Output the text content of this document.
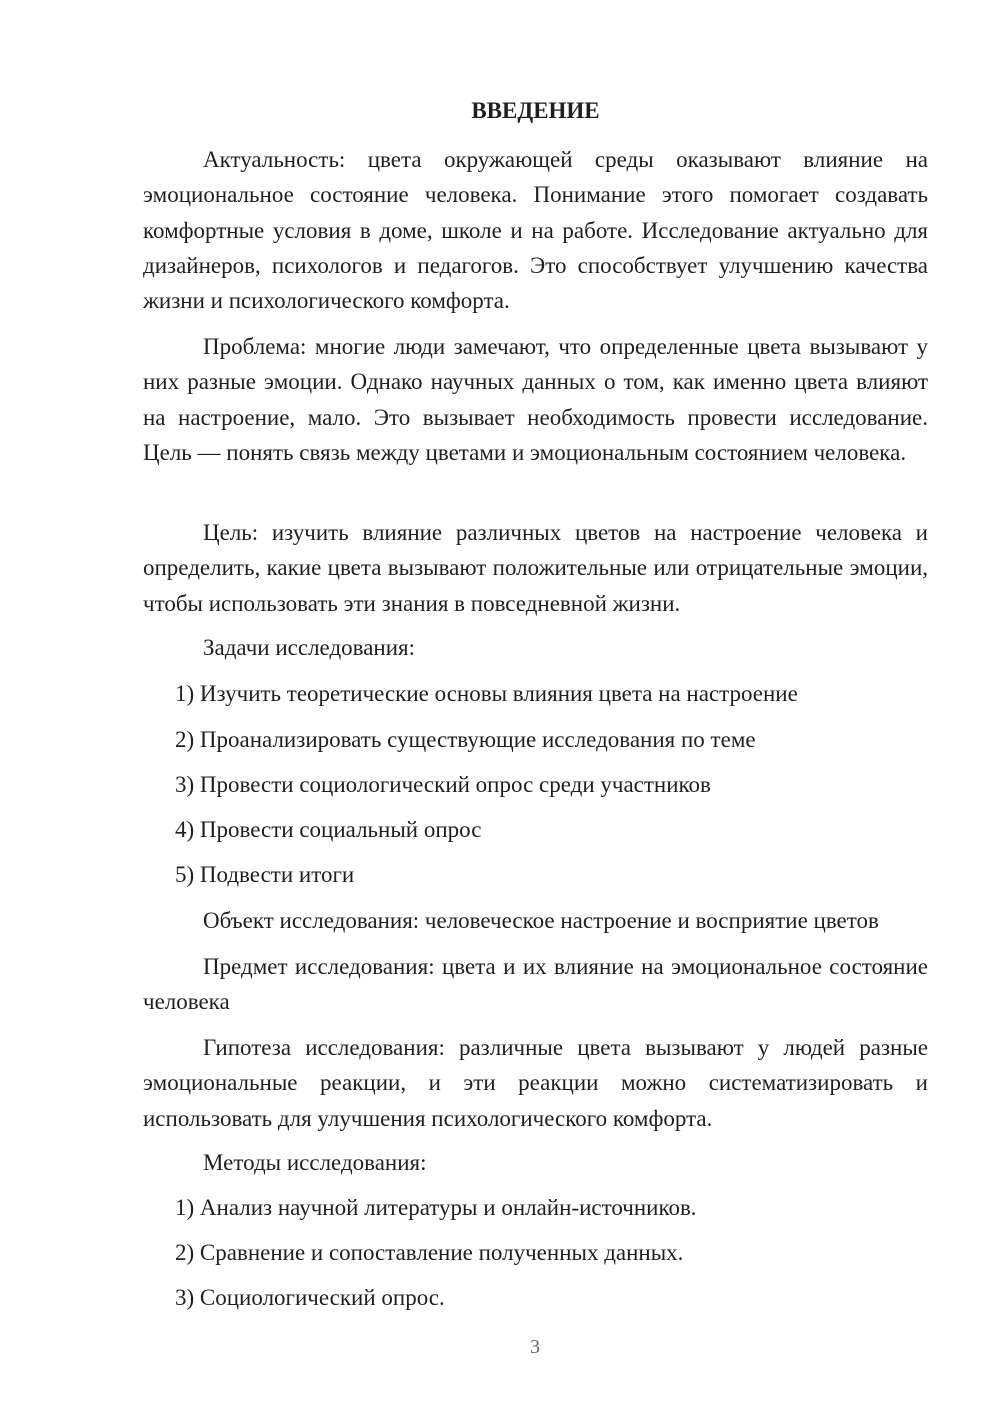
ВВЕДЕНИЕ

Актуальность: цвета окружающей среды оказывают влияние на эмоциональное состояние человека. Понимание этого помогает создавать комфортные условия в доме, школе и на работе. Исследование актуально для дизайнеров, психологов и педагогов. Это способствует улучшению качества жизни и психологического комфорта.

Проблема: многие люди замечают, что определенные цвета вызывают у них разные эмоции. Однако научных данных о том, как именно цвета влияют на настроение, мало. Это вызывает необходимость провести исследование. Цель — понять связь между цветами и эмоциональным состоянием человека.

Цель: изучить влияние различных цветов на настроение человека и определить, какие цвета вызывают положительные или отрицательные эмоции, чтобы использовать эти знания в повседневной жизни.

Задачи исследования:
1) Изучить теоретические основы влияния цвета на настроение
2) Проанализировать существующие исследования по теме
3) Провести социологический опрос среди участников
4) Провести социальный опрос
5) Подвести итоги

Объект исследования: человеческое настроение и восприятие цветов

Предмет исследования: цвета и их влияние на эмоциональное состояние человека

Гипотеза исследования: различные цвета вызывают у людей разные эмоциональные реакции, и эти реакции можно систематизировать и использовать для улучшения психологического комфорта.

Методы исследования:
1) Анализ научной литературы и онлайн-источников.
2) Сравнение и сопоставление полученных данных.
3) Социологический опрос.
3
